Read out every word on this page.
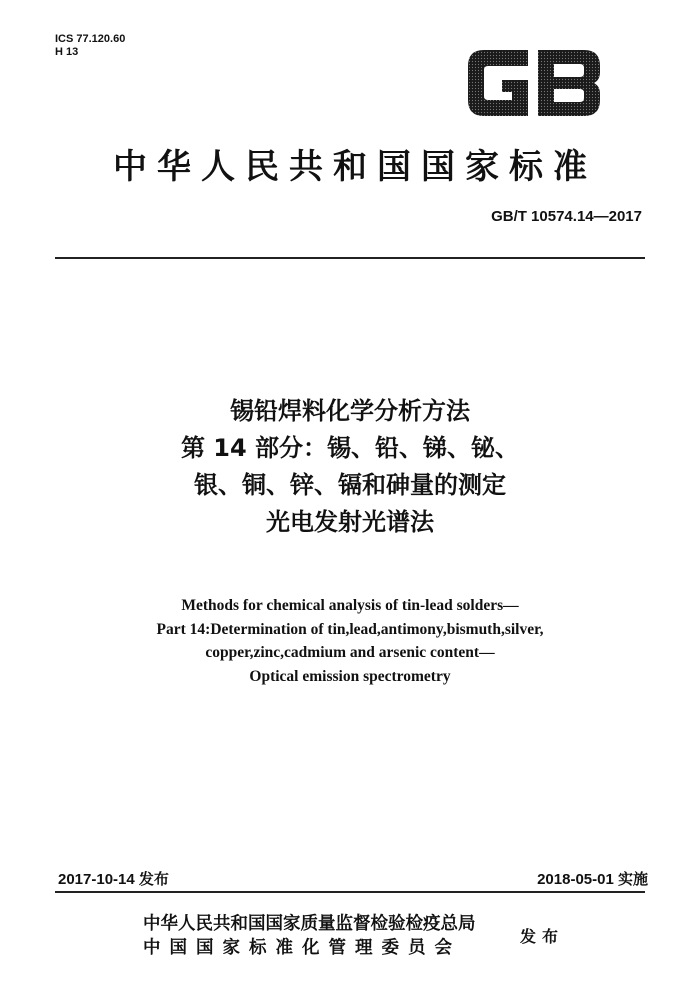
ICS 77.120.60
H 13
中华人民共和国国家标准
GB/T 10574.14—2017
锡铅焊料化学分析方法
第 14 部分：锡、铅、锑、铋、
银、铜、锌、镉和砷量的测定
光电发射光谱法
Methods for chemical analysis of tin-lead solders—
Part 14:Determination of tin,lead,antimony,bismuth,silver,
copper,zinc,cadmium and arsenic content—
Optical emission spectrometry
2017-10-14 发布	2018-05-01 实施
中华人民共和国国家质量监督检验检疫总局
中国国家标准化管理委员会
发布
